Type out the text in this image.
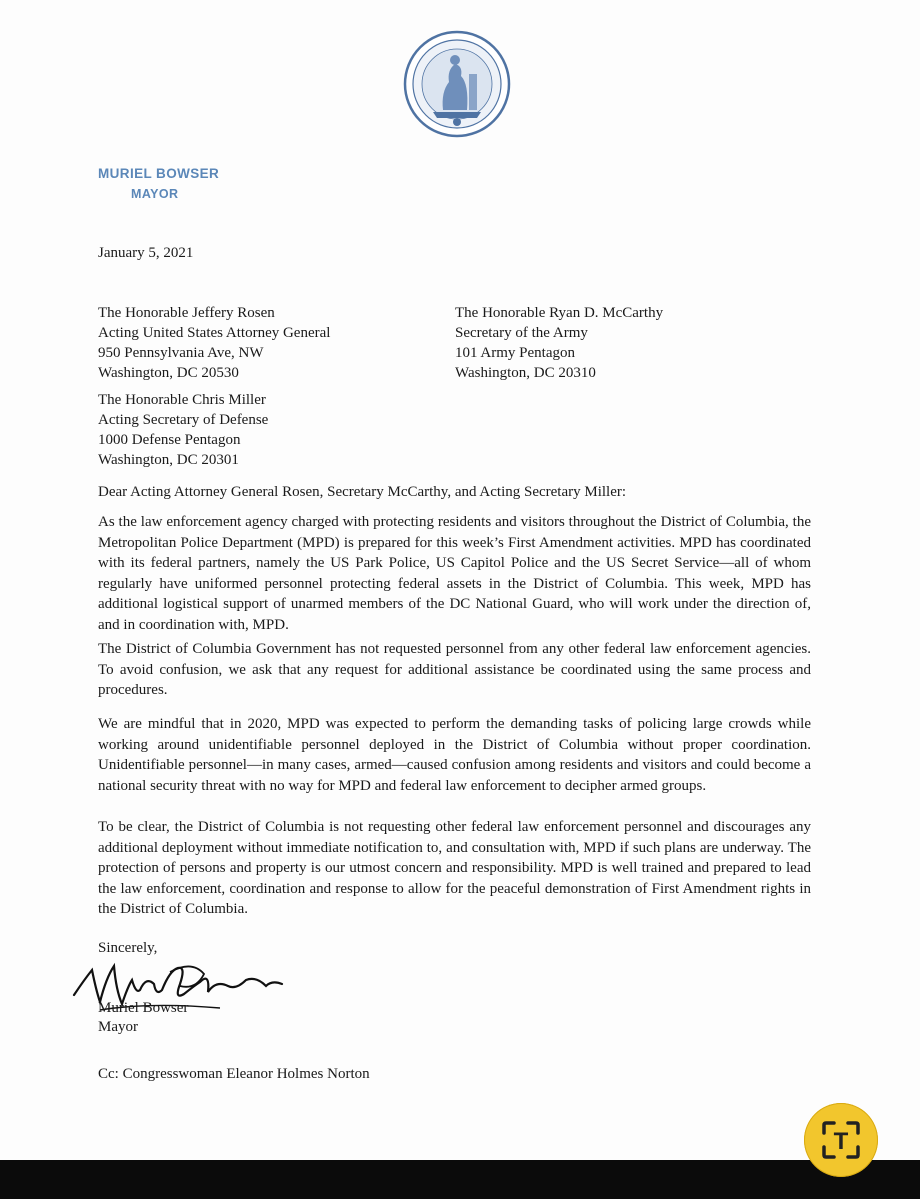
MURIEL BOWSER
MAYOR
January 5, 2021
The Honorable Jeffery Rosen
Acting United States Attorney General
950 Pennsylvania Ave, NW
Washington, DC 20530
The Honorable Ryan D. McCarthy
Secretary of the Army
101 Army Pentagon
Washington, DC 20310
The Honorable Chris Miller
Acting Secretary of Defense
1000 Defense Pentagon
Washington, DC 20301
Dear Acting Attorney General Rosen, Secretary McCarthy, and Acting Secretary Miller:

As the law enforcement agency charged with protecting residents and visitors throughout the District of Columbia, the Metropolitan Police Department (MPD) is prepared for this week’s First Amendment activities. MPD has coordinated with its federal partners, namely the US Park Police, US Capitol Police and the US Secret Service—all of whom regularly have uniformed personnel protecting federal assets in the District of Columbia. This week, MPD has additional logistical support of unarmed members of the DC National Guard, who will work under the direction of, and in coordination with, MPD.

The District of Columbia Government has not requested personnel from any other federal law enforcement agencies. To avoid confusion, we ask that any request for additional assistance be coordinated using the same process and procedures.

We are mindful that in 2020, MPD was expected to perform the demanding tasks of policing large crowds while working around unidentifiable personnel deployed in the District of Columbia without proper coordination. Unidentifiable personnel—in many cases, armed—caused confusion among residents and visitors and could become a national security threat with no way for MPD and federal law enforcement to decipher armed groups.

To be clear, the District of Columbia is not requesting other federal law enforcement personnel and discourages any additional deployment without immediate notification to, and consultation with, MPD if such plans are underway. The protection of persons and property is our utmost concern and responsibility. MPD is well trained and prepared to lead the law enforcement, coordination and response to allow for the peaceful demonstration of First Amendment rights in the District of Columbia.

Sincerely,
Muriel Bowser
Mayor
Cc: Congresswoman Eleanor Holmes Norton
T
